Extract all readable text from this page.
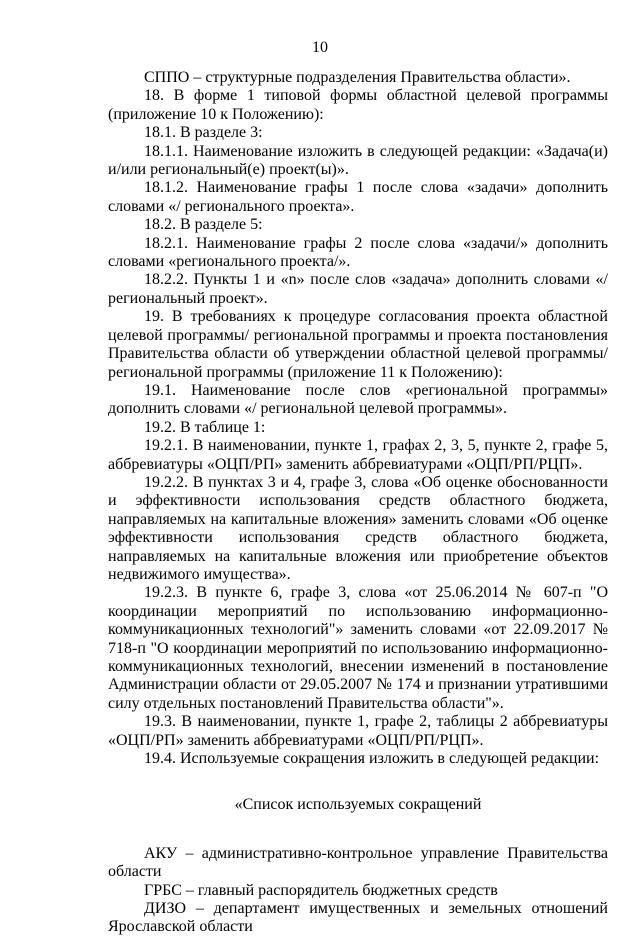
10

СППО – структурные подразделения Правительства области».

18. В форме 1 типовой формы областной целевой программы (приложение 10 к Положению):

18.1. В разделе 3:

18.1.1. Наименование изложить в следующей редакции: «Задача(и) и/или региональный(е) проект(ы)».

18.1.2. Наименование графы 1 после слова «задачи» дополнить словами «/ регионального проекта».

18.2. В разделе 5:

18.2.1. Наименование графы 2 после слова «задачи/» дополнить словами «регионального проекта/».

18.2.2. Пункты 1 и «n» после слов «задача» дополнить словами «/ региональный проект».

19. В требованиях к процедуре согласования проекта областной целевой программы/ региональной программы и проекта постановления Правительства области об утверждении областной целевой программы/ региональной программы (приложение 11 к Положению):

19.1. Наименование после слов «региональной программы» дополнить словами «/ региональной целевой программы».

19.2. В таблице 1:

19.2.1. В наименовании, пункте 1, графах 2, 3, 5, пункте 2, графе 5, аббревиатуры «ОЦП/РП» заменить аббревиатурами «ОЦП/РП/РЦП».

19.2.2. В пунктах 3 и 4, графе 3, слова «Об оценке обоснованности и эффективности использования средств областного бюджета, направляемых на капитальные вложения» заменить словами «Об оценке эффективности использования средств областного бюджета, направляемых на капитальные вложения или приобретение объектов недвижимого имущества».

19.2.3. В пункте 6, графе 3, слова «от 25.06.2014 № 607-п "О координации мероприятий по использованию информационно-коммуникационных технологий"» заменить словами «от 22.09.2017 № 718-п "О координации мероприятий по использованию информационно-коммуникационных технологий, внесении изменений в постановление Администрации области от 29.05.2007 № 174 и признании утратившими силу отдельных постановлений Правительства области"».

19.3. В наименовании, пункте 1, графе 2, таблицы 2 аббревиатуры «ОЦП/РП» заменить аббревиатурами «ОЦП/РП/РЦП».

19.4. Используемые сокращения изложить в следующей редакции:

«Список используемых сокращений

АКУ – административно-контрольное управление Правительства области

ГРБС – главный распорядитель бюджетных средств

ДИЗО – департамент имущественных и земельных отношений Ярославской области
